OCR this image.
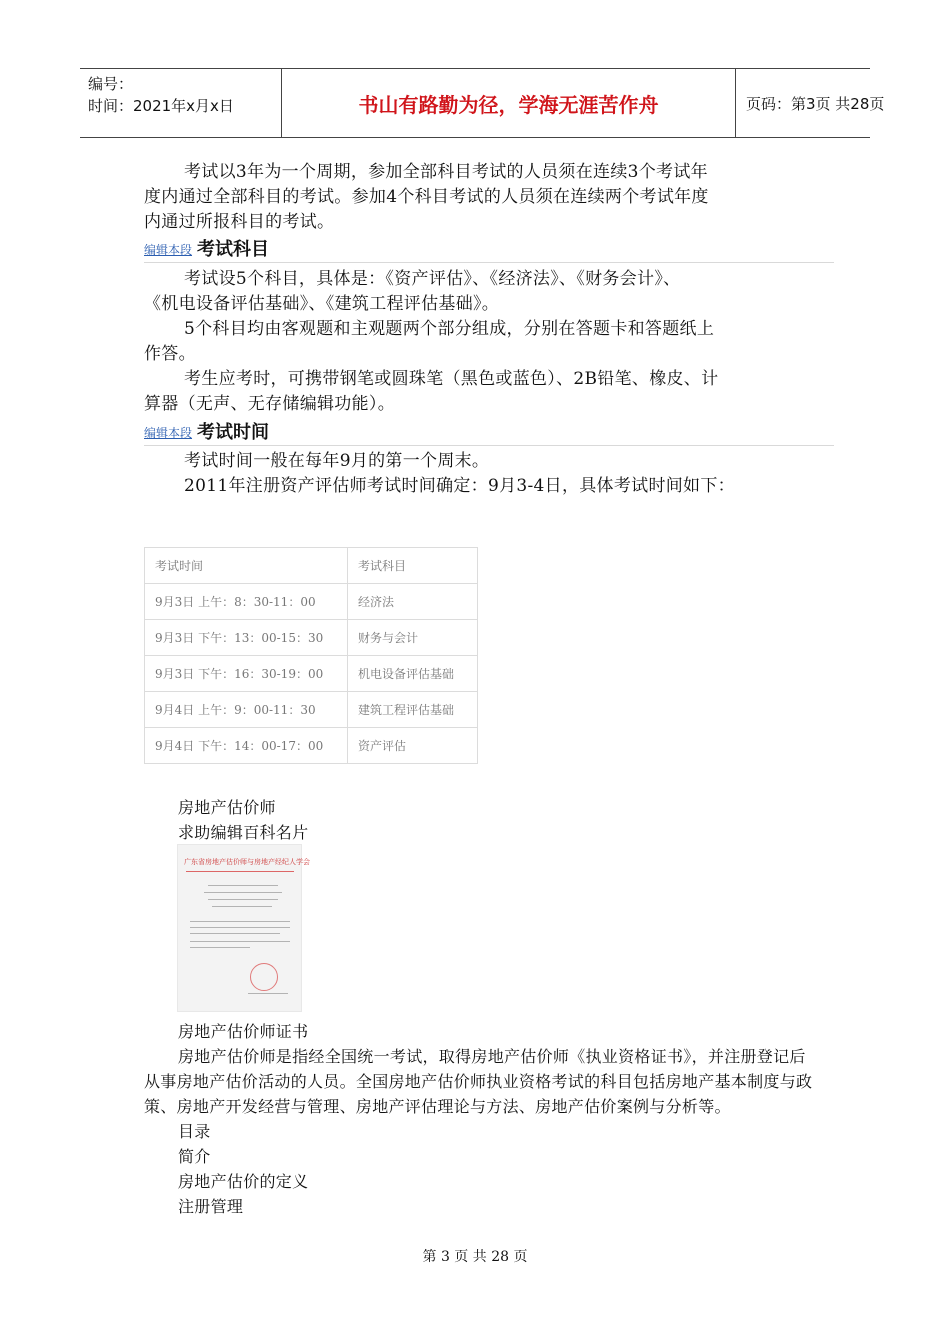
编号：
时间：2021年x月x日	书山有路勤为径，学海无涯苦作舟	页码：第3页 共28页
考试以3年为一个周期，参加全部科目考试的人员须在连续3个考试年
度内通过全部科目的考试。参加4个科目考试的人员须在连续两个考试年度
内通过所报科目的考试。
编辑本段 考试科目
考试设5个科目，具体是：《资产评估》、《经济法》、《财务会计》、
《机电设备评估基础》、《建筑工程评估基础》。
5个科目均由客观题和主观题两个部分组成，分别在答题卡和答题纸上
作答。
考生应考时，可携带钢笔或圆珠笔（黑色或蓝色）、2B铅笔、橡皮、计
算器（无声、无存储编辑功能）。
编辑本段 考试时间
考试时间一般在每年9月的第一个周末。
2011年注册资产评估师考试时间确定：9月3-4日，具体考试时间如下：
考试时间	考试科目
9月3日 上午：8：30-11：00	经济法
9月3日 下午：13：00-15：30	财务与会计
9月3日 下午：16：30-19：00	机电设备评估基础
9月4日 上午：9：00-11：30	建筑工程评估基础
9月4日 下午：14：00-17：00	资产评估
房地产估价师
求助编辑百科名片
广东省房地产估价师与房地产经纪人学会
房地产估价师证书
房地产估价师是指经全国统一考试，取得房地产估价师《执业资格证书》，并注册登记后
从事房地产估价活动的人员。全国房地产估价师执业资格考试的科目包括房地产基本制度与政
策、房地产开发经营与管理、房地产评估理论与方法、房地产估价案例与分析等。
目录
简介
房地产估价的定义
注册管理
第 3 页 共 28 页
